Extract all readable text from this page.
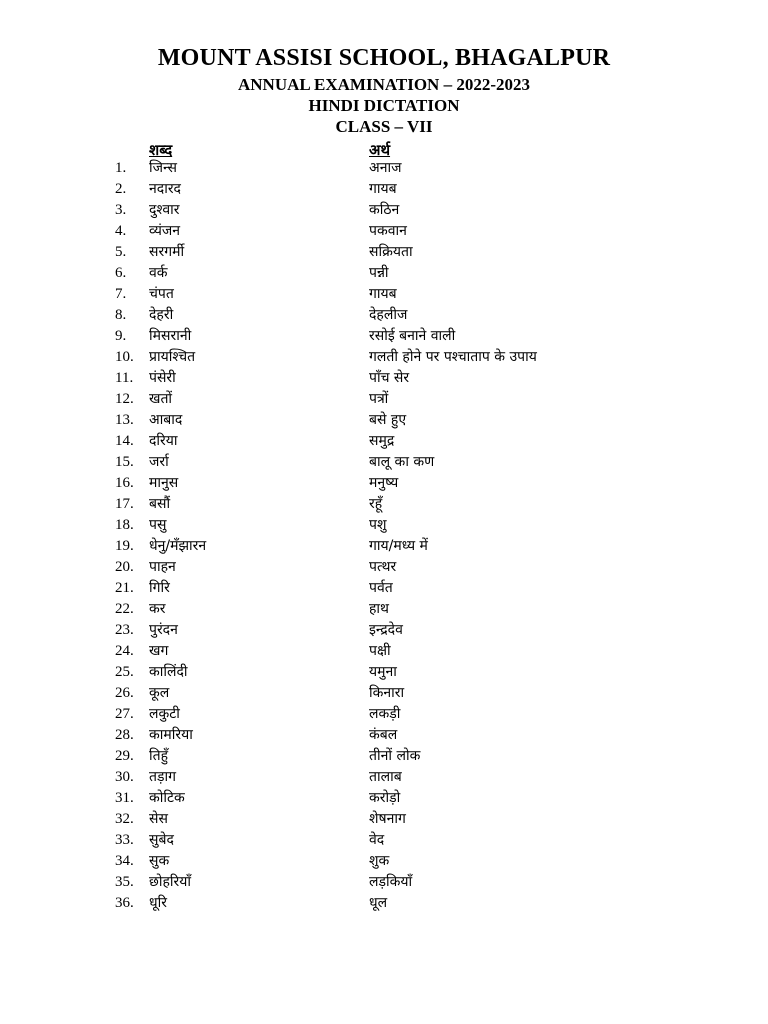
MOUNT ASSISI SCHOOL, BHAGALPUR
ANNUAL EXAMINATION – 2022-2023
HINDI DICTATION
CLASS – VII
शब्द	अर्थ
1. जिन्स	अनाज
2. नदारद	गायब
3. दुश्वार	कठिन
4. व्यंजन	पकवान
5. सरगर्मी	सक्रियता
6. वर्क	पन्नी
7. चंपत	गायब
8. देहरी	देहलीज
9. मिसरानी	रसोई बनाने वाली
10. प्रायश्चित	गलती होने पर पश्चाताप के उपाय
11. पंसेरी	पाँच सेर
12. खतों	पत्रों
13. आबाद	बसे हुए
14. दरिया	समुद्र
15. जर्रा	बालू का कण
16. मानुस	मनुष्य
17. बसौं	रहूँ
18. पसु	पशु
19. धेनु/मँझारन	गाय/मध्य में
20. पाहन	पत्थर
21. गिरि	पर्वत
22. कर	हाथ
23. पुरंदन	इन्द्रदेव
24. खग	पक्षी
25. कालिंदी	यमुना
26. कूल	किनारा
27. लकुटी	लकड़ी
28. कामरिया	कंबल
29. तिहुँ	तीनों लोक
30. तड़ाग	तालाब
31. कोटिक	करोड़ो
32. सेस	शेषनाग
33. सुबेद	वेद
34. सुक	शुक
35. छोहरियाँ	लड़कियाँ
36. धूरि	धूल
